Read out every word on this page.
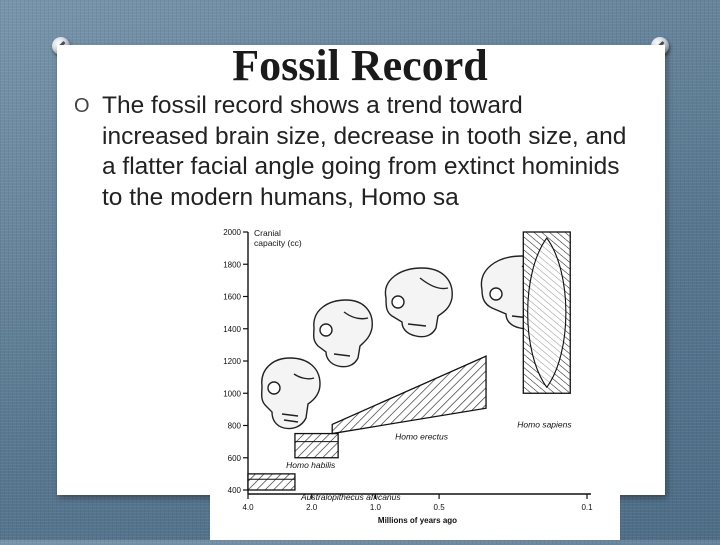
Fossil Record
O The fossil record shows a trend toward increased brain size, decrease in tooth size, and a flatter facial angle going from extinct hominids to the modern humans, Homo sa
400
600
800
1000
1200
1400
1600
1800
2000
4.0	2.0	1.0	0.5	0.1
Cranial capacity (cc)
Millions of years ago
Australopithecus africanus
Homo habilis
Homo erectus
Homo sapiens
